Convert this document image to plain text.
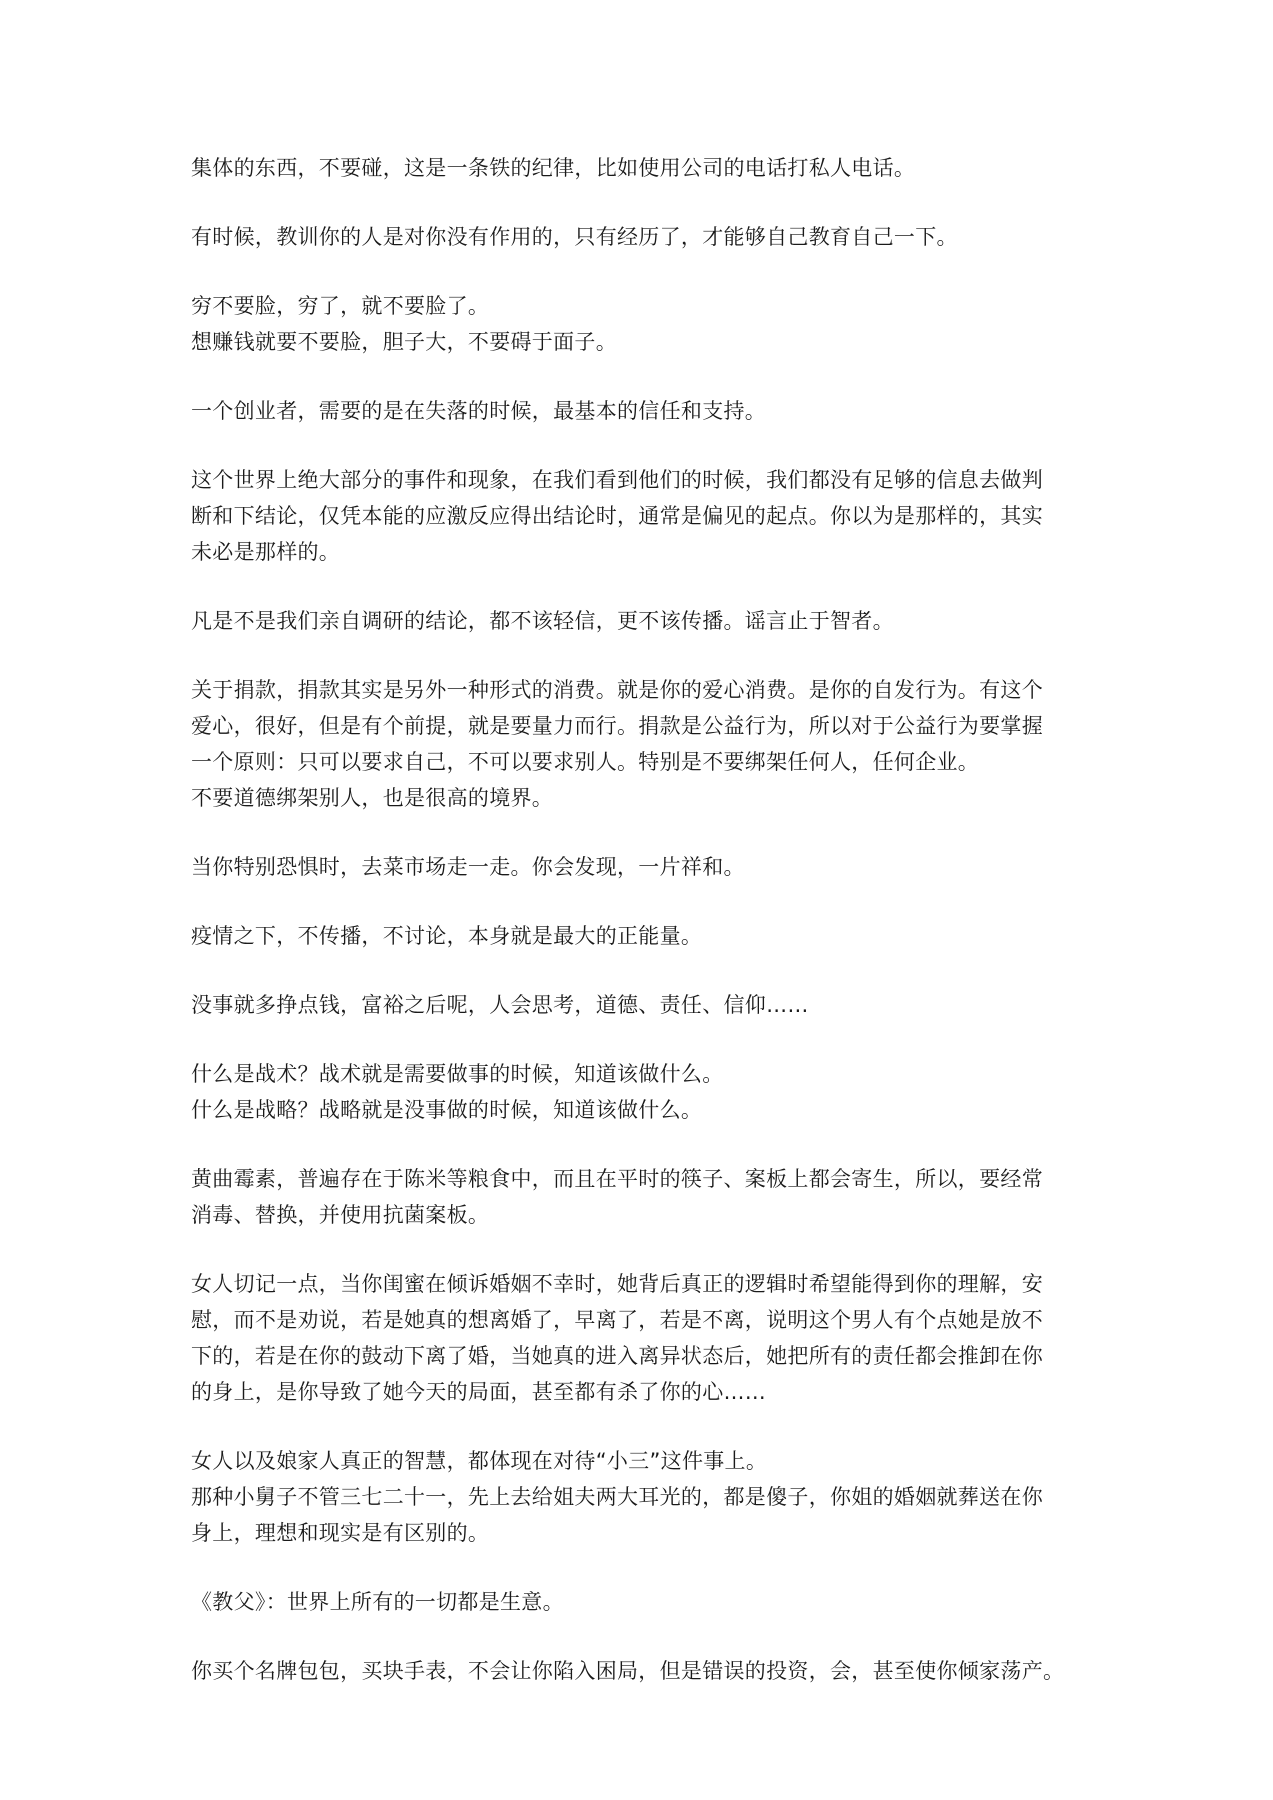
集体的东西，不要碰，这是一条铁的纪律，比如使用公司的电话打私人电话。
有时候，教训你的人是对你没有作用的，只有经历了，才能够自己教育自己一下。
穷不要脸，穷了，就不要脸了。
想赚钱就要不要脸，胆子大，不要碍于面子。
一个创业者，需要的是在失落的时候，最基本的信任和支持。
这个世界上绝大部分的事件和现象，在我们看到他们的时候，我们都没有足够的信息去做判
断和下结论，仅凭本能的应激反应得出结论时，通常是偏见的起点。你以为是那样的，其实
未必是那样的。
凡是不是我们亲自调研的结论，都不该轻信，更不该传播。谣言止于智者。
关于捐款，捐款其实是另外一种形式的消费。就是你的爱心消费。是你的自发行为。有这个
爱心，很好，但是有个前提，就是要量力而行。捐款是公益行为，所以对于公益行为要掌握
一个原则：只可以要求自己，不可以要求别人。特别是不要绑架任何人，任何企业。
不要道德绑架别人，也是很高的境界。
当你特别恐惧时，去菜市场走一走。你会发现，一片祥和。
疫情之下，不传播，不讨论，本身就是最大的正能量。
没事就多挣点钱，富裕之后呢，人会思考，道德、责任、信仰……
什么是战术？战术就是需要做事的时候，知道该做什么。
什么是战略？战略就是没事做的时候，知道该做什么。
黄曲霉素，普遍存在于陈米等粮食中，而且在平时的筷子、案板上都会寄生，所以，要经常
消毒、替换，并使用抗菌案板。
女人切记一点，当你闺蜜在倾诉婚姻不幸时，她背后真正的逻辑时希望能得到你的理解，安
慰，而不是劝说，若是她真的想离婚了，早离了，若是不离，说明这个男人有个点她是放不
下的，若是在你的鼓动下离了婚，当她真的进入离异状态后，她把所有的责任都会推卸在你
的身上，是你导致了她今天的局面，甚至都有杀了你的心……
女人以及娘家人真正的智慧，都体现在对待“小三”这件事上。
那种小舅子不管三七二十一，先上去给姐夫两大耳光的，都是傻子，你姐的婚姻就葬送在你
身上，理想和现实是有区别的。
《教父》：世界上所有的一切都是生意。
你买个名牌包包，买块手表，不会让你陷入困局，但是错误的投资，会，甚至使你倾家荡产。
